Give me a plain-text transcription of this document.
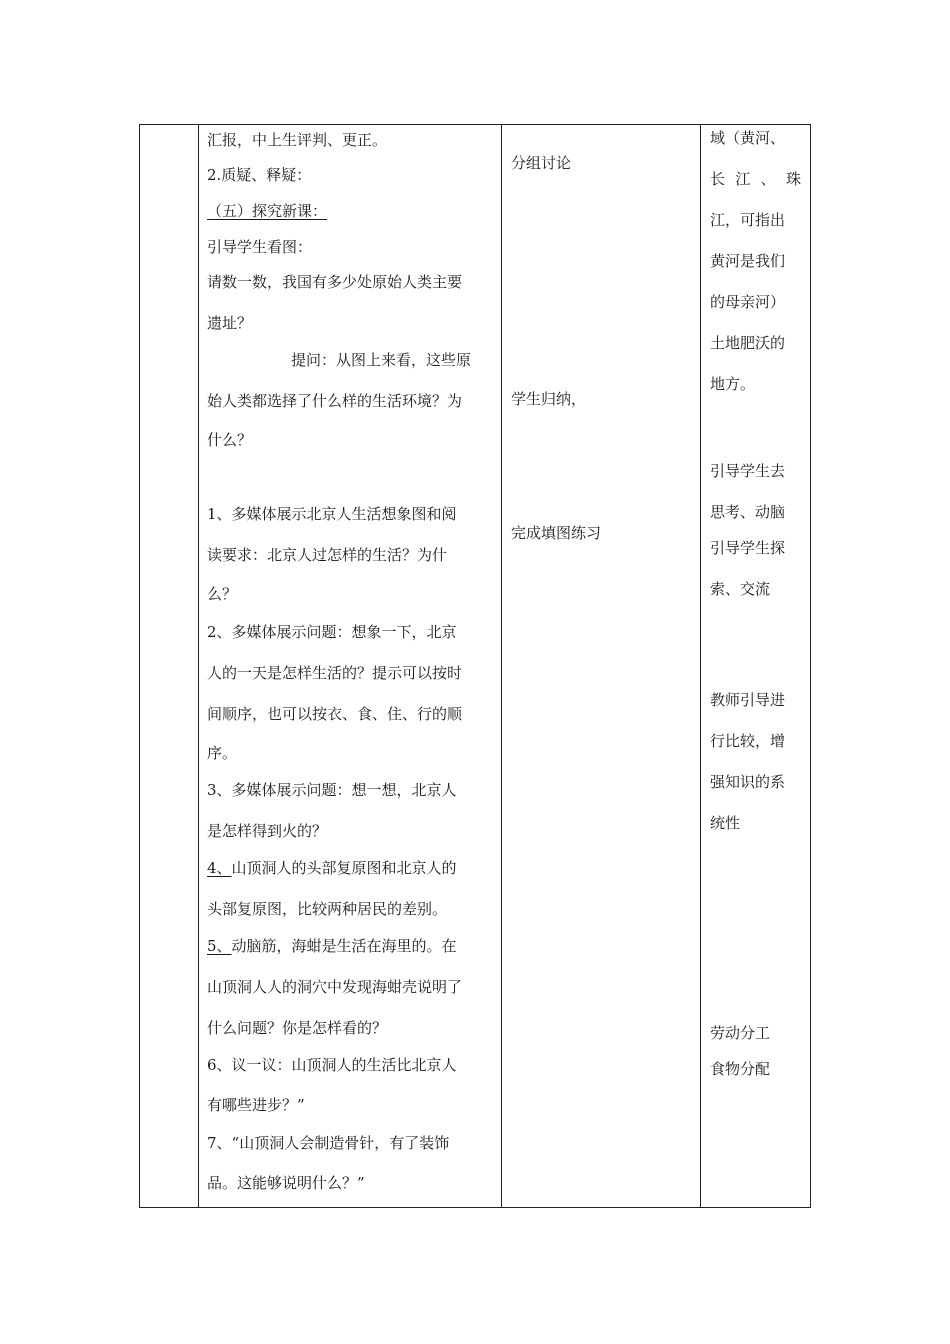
汇报，中上生评判、更正。
2.质疑、释疑：
（五）探究新课：
引导学生看图：
请数一数，我国有多少处原始人类主要
遗址？
提问：从图上来看，这些原
始人类都选择了什么样的生活环境？为
什么？
1、多媒体展示北京人生活想象图和阅
读要求：北京人过怎样的生活？为什
么？
2、多媒体展示问题：想象一下，北京
人的一天是怎样生活的？提示可以按时
间顺序，也可以按衣、食、住、行的顺
序。
3、多媒体展示问题：想一想，北京人
是怎样得到火的？
4、山顶洞人的头部复原图和北京人的
头部复原图，比较两种居民的差别。
5、动脑筋，海蚶是生活在海里的。在
山顶洞人人的洞穴中发现海蚶壳说明了
什么问题？你是怎样看的？
6、议一议：山顶洞人的生活比北京人
有哪些进步？”
7、“山顶洞人会制造骨针，有了装饰
品。这能够说明什么？”
分组讨论
学生归纳，
完成填图练习
域（黄河、
长 江 、 珠
江，可指出
黄河是我们
的母亲河）
土地肥沃的
地方。
引导学生去
思考、动脑
引导学生探
索、交流
教师引导进
行比较，增
强知识的系
统性
劳动分工
食物分配
